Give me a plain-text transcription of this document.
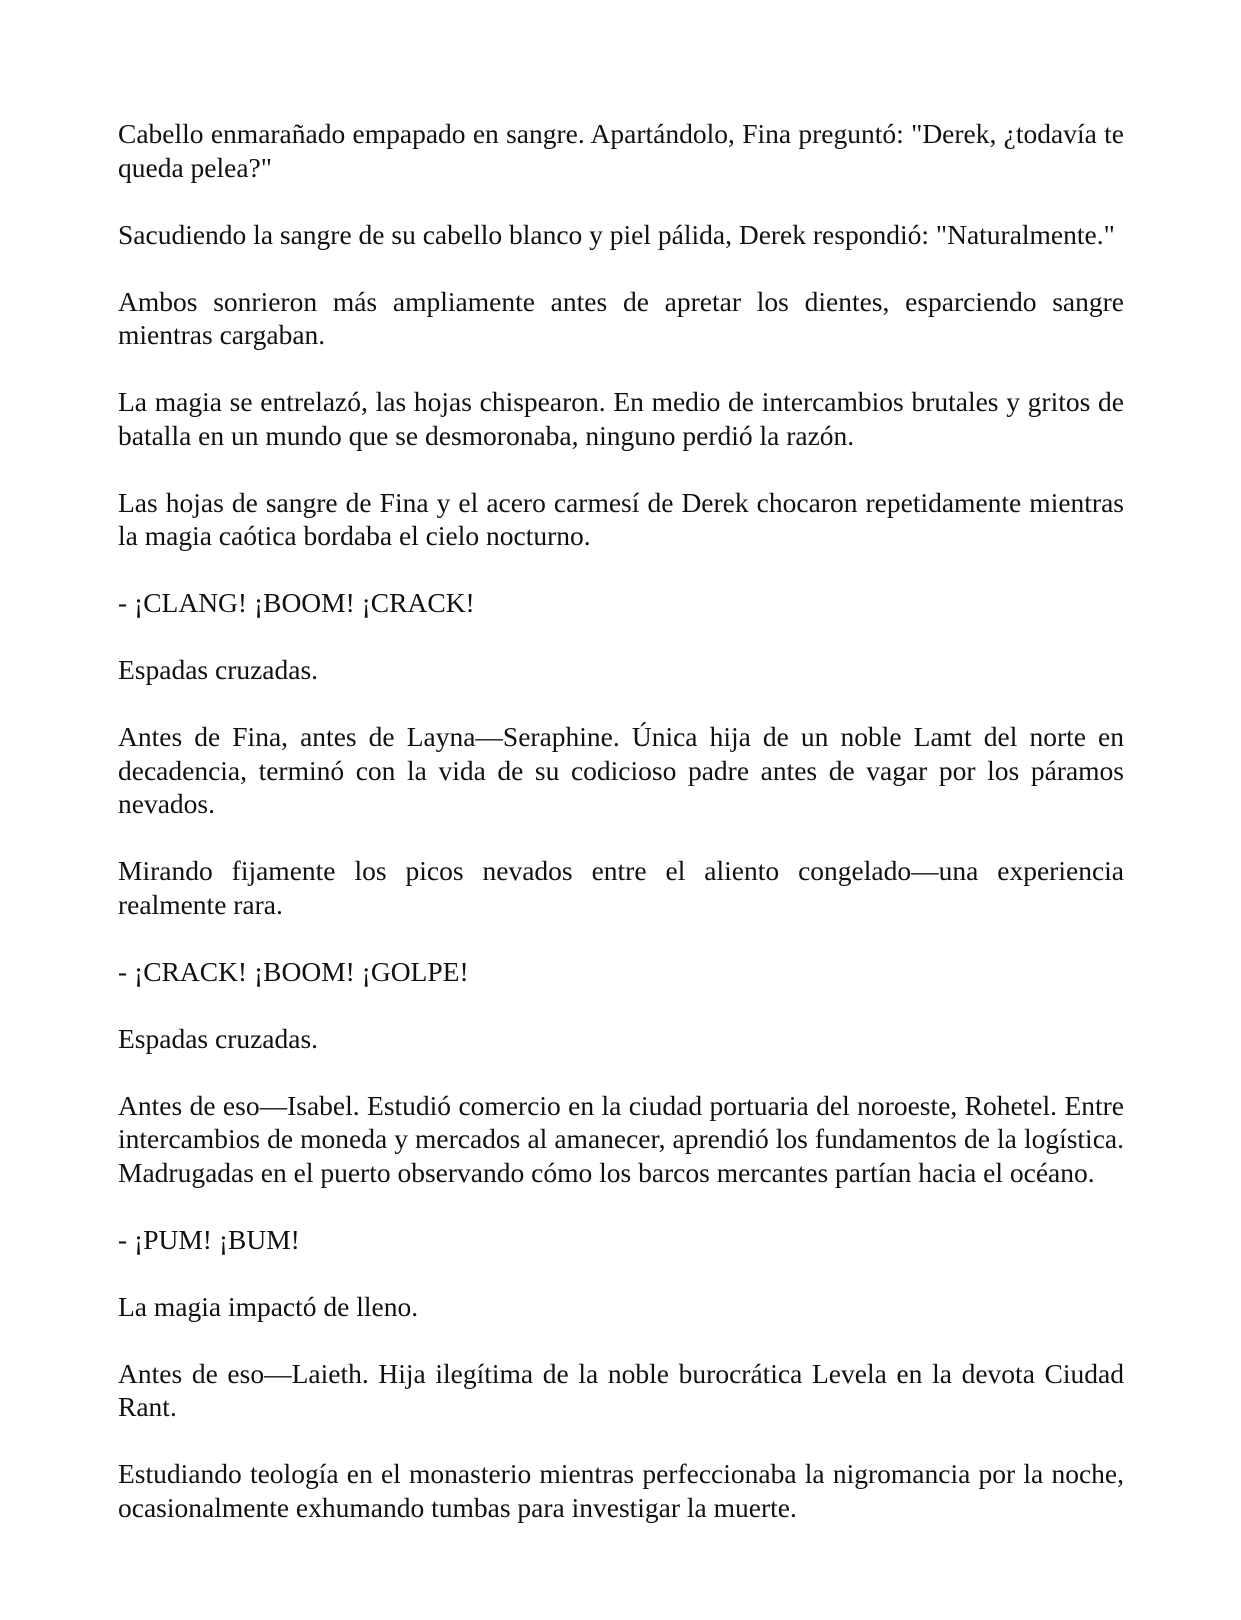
Cabello enmarañado empapado en sangre. Apartándolo, Fina preguntó: "Derek, ¿todavía te queda pelea?"

Sacudiendo la sangre de su cabello blanco y piel pálida, Derek respondió: "Naturalmente."

Ambos sonrieron más ampliamente antes de apretar los dientes, esparciendo sangre mientras cargaban.

La magia se entrelazó, las hojas chispearon. En medio de intercambios brutales y gritos de batalla en un mundo que se desmoronaba, ninguno perdió la razón.

Las hojas de sangre de Fina y el acero carmesí de Derek chocaron repetidamente mientras la magia caótica bordaba el cielo nocturno.

- ¡CLANG! ¡BOOM! ¡CRACK!

Espadas cruzadas.

Antes de Fina, antes de Layna—Seraphine. Única hija de un noble Lamt del norte en decadencia, terminó con la vida de su codicioso padre antes de vagar por los páramos nevados.

Mirando fijamente los picos nevados entre el aliento congelado—una experiencia realmente rara.

- ¡CRACK! ¡BOOM! ¡GOLPE!

Espadas cruzadas.

Antes de eso—Isabel. Estudió comercio en la ciudad portuaria del noroeste, Rohetel. Entre intercambios de moneda y mercados al amanecer, aprendió los fundamentos de la logística. Madrugadas en el puerto observando cómo los barcos mercantes partían hacia el océano.

- ¡PUM! ¡BUM!

La magia impactó de lleno.

Antes de eso—Laieth. Hija ilegítima de la noble burocrática Levela en la devota Ciudad Rant.

Estudiando teología en el monasterio mientras perfeccionaba la nigromancia por la noche, ocasionalmente exhumando tumbas para investigar la muerte.
